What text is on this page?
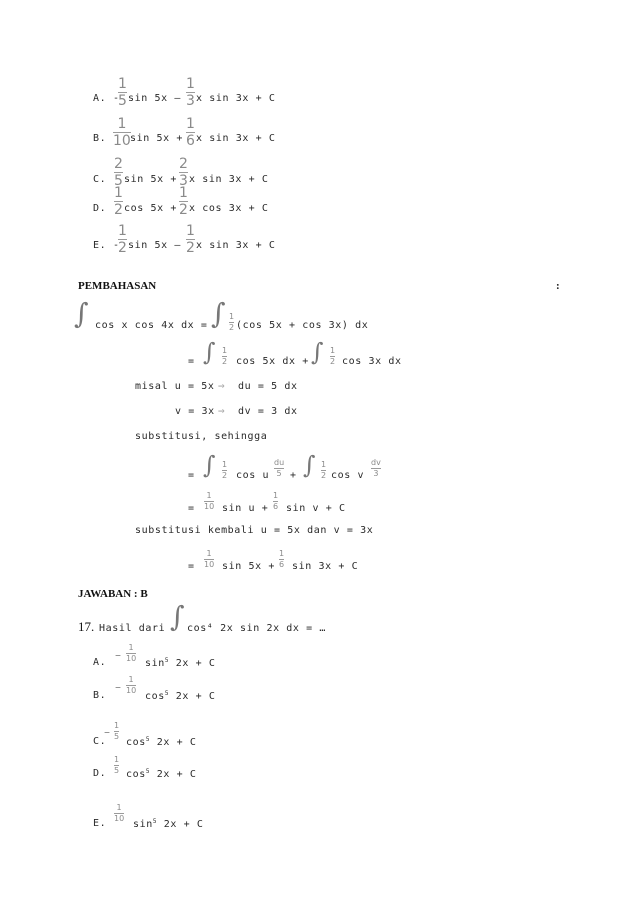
A. -
1
5 sin 5x –
1
3 x sin 3x + C
B.
1
10 sin 5x +
1
6 x sin 3x + C
C.
2
5 sin 5x +
2
3 x sin 3x + C
D.
1
2 cos 5x +
1
2 x cos 3x + C
E. -
1
2 sin 5x –
1
2 x sin 3x + C
PEMBAHASAN	:
∫ cos x cos 4x dx = ∫ 1
2 (cos 5x + cos 3x) dx
= ∫ 1
2 cos 5x dx + ∫ 1
2 cos 3x dx
misal u = 5x ⇒ du = 5 dx
v = 3x ⇒ dv = 3 dx
substitusi, sehingga
= ∫ 1
2 cos u
du
5 + ∫ 1
2 cos v
dv
3
=
1
10 sin u +
1
6 sin v + C
substitusi kembali u = 5x dan v = 3x
=
1
10 sin 5x +
1
6 sin 3x + C
JAWABAN : B
17. Hasil dari ∫ cos⁴ 2x sin 2x dx = …
A.
–
1
10 $\sin^5 2x + C$
B.
–
1
10
$\cos^5 2x + C$
C.
– 1
5
$\cos^5 2x + C$
D.
1
5 $\cos^5 2x + C$
E.
1
10
$\sin^5 2x + C$
